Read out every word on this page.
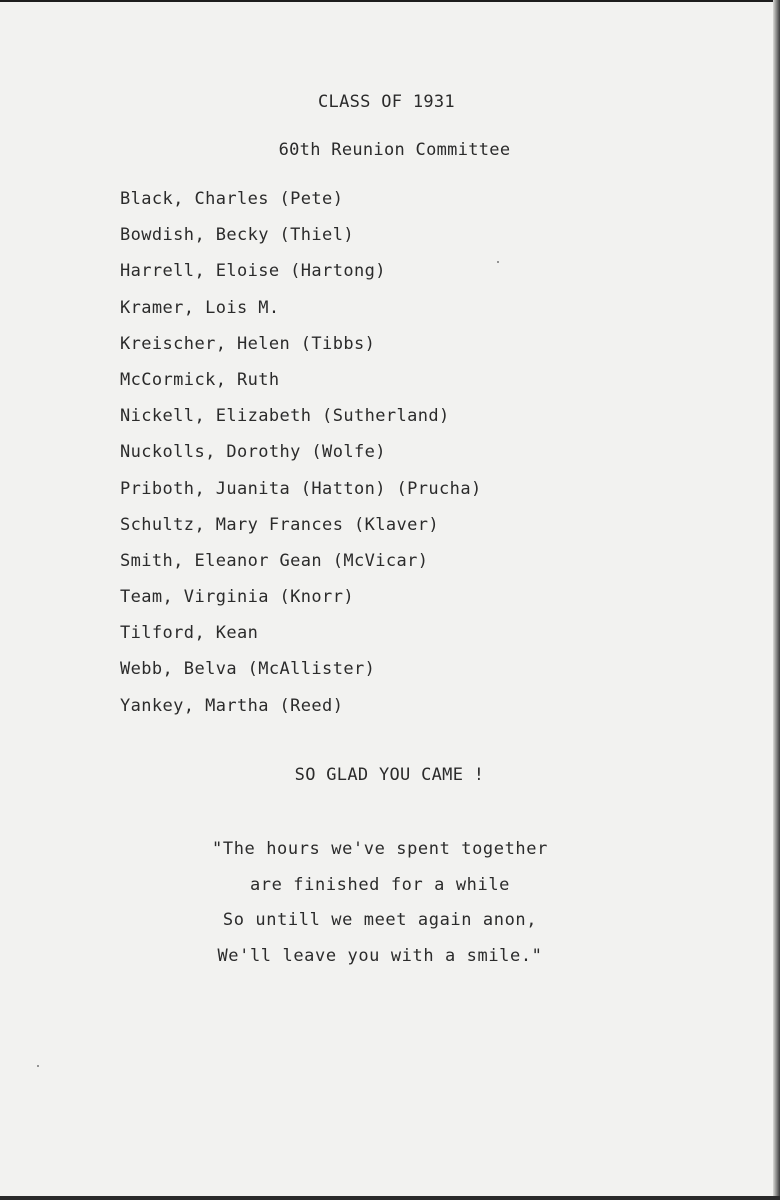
CLASS OF 1931
60th Reunion Committee
Black, Charles (Pete)
Bowdish, Becky (Thiel)
Harrell, Eloise (Hartong)
Kramer, Lois M.
Kreischer, Helen (Tibbs)
McCormick, Ruth
Nickell, Elizabeth (Sutherland)
Nuckolls, Dorothy (Wolfe)
Priboth, Juanita (Hatton) (Prucha)
Schultz, Mary Frances (Klaver)
Smith, Eleanor Gean (McVicar)
Team, Virginia (Knorr)
Tilford, Kean
Webb, Belva (McAllister)
Yankey, Martha (Reed)
SO GLAD YOU CAME !
"The hours we've spent together
are finished for a while
So untill we meet again anon,
We'll leave you with a smile."
